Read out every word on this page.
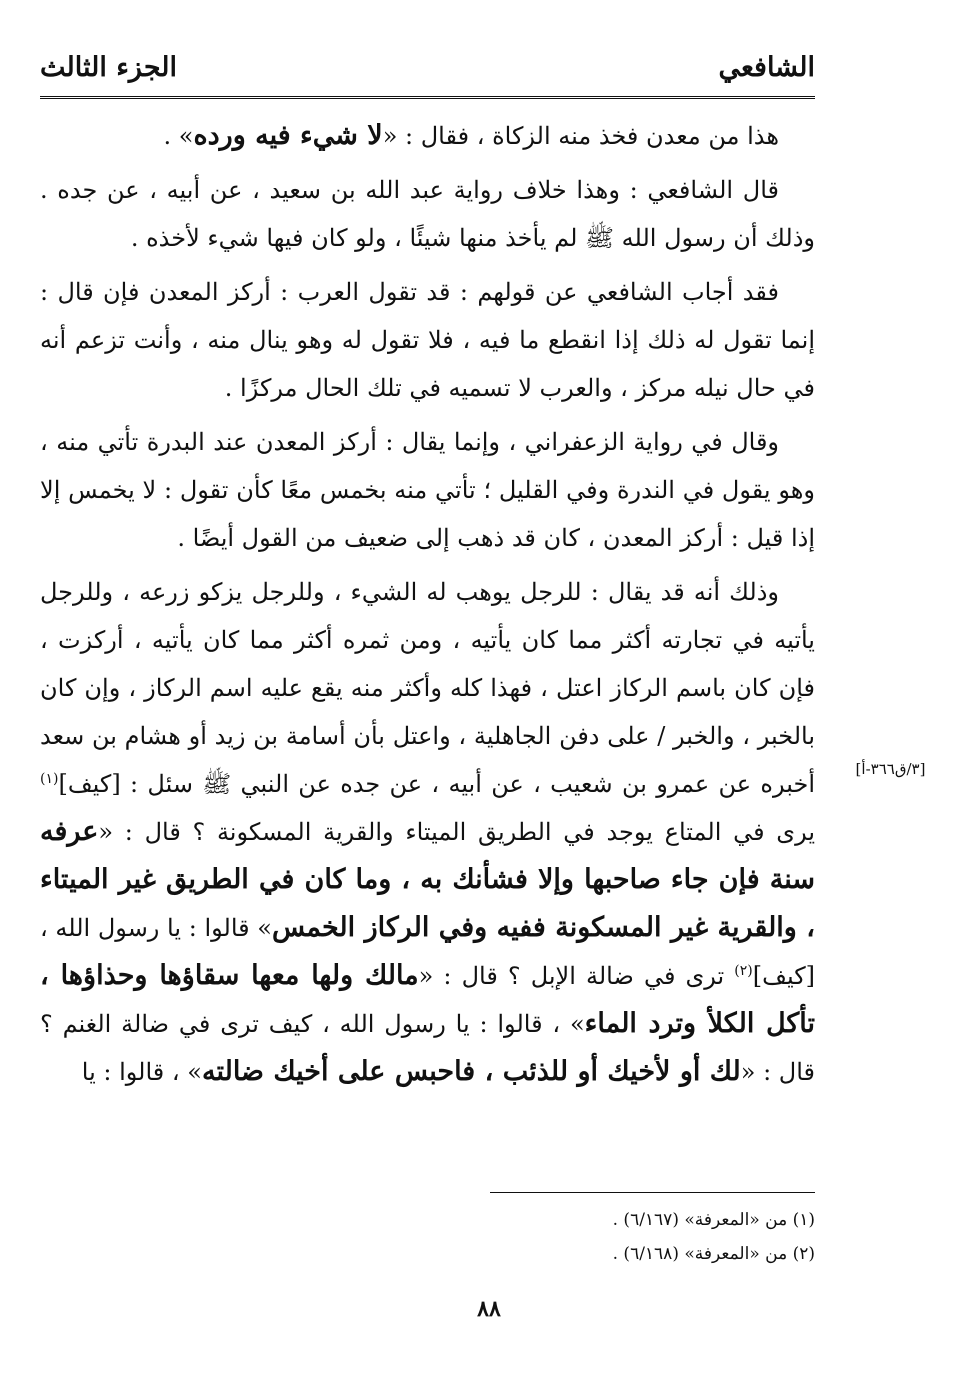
الشافعي
الجزء الثالث

هذا من معدن فخذ منه الزكاة ، فقال : «لا شيء فيه ورده» .

قال الشافعي : وهذا خلاف رواية عبد الله بن سعيد ، عن أبيه ، عن جده . وذلك أن رسول الله ﷺ لم يأخذ منها شيئًا ، ولو كان فيها شيء لأخذه .

فقد أجاب الشافعي عن قولهم : قد تقول العرب : أركز المعدن فإن قال : إنما تقول له ذلك إذا انقطع ما فيه ، فلا تقول له وهو ينال منه ، وأنت تزعم أنه في حال نيله مركز ، والعرب لا تسميه في تلك الحال مركزًا .

وقال في رواية الزعفراني ، وإنما يقال : أركز المعدن عند البدرة تأتي منه ، وهو يقول في الندرة وفي القليل ؛ تأتي منه بخمس معًا كأن تقول : لا يخمس إلا إذا قيل : أركز المعدن ، كان قد ذهب إلى ضعيف من القول أيضًا .

وذلك أنه قد يقال : للرجل يوهب له الشيء ، وللرجل يزكو زرعه ، وللرجل يأتيه في تجارته أكثر مما كان يأتيه ، ومن ثمره أكثر مما كان يأتيه ، أركزت ، فإن كان باسم الركاز اعتل ، فهذا كله وأكثر منه يقع عليه اسم الركاز ، وإن كان بالخبر ، والخبر / على دفن الجاهلية ، واعتل بأن أسامة بن زيد أو هشام بن سعد أخبره عن عمرو بن شعيب ، عن أبيه ، عن جده عن النبي ﷺ سئل : [كيف]$^{(١)}$ يرى في المتاع يوجد في الطريق الميتاء والقرية المسكونة ؟ قال : «عرفه سنة فإن جاء صاحبها وإلا فشأنك به ، وما كان في الطريق غير الميتاء ، والقرية غير المسكونة ففيه وفي الركاز الخمس» قالوا : يا رسول الله ، [كيف]$^{(٢)}$ ترى في ضالة الإبل ؟ قال : «مالك ولها معها سقاؤها وحذاؤها ، تأكل الكلأ وترد الماء» ، قالوا : يا رسول الله ، كيف ترى في ضالة الغنم ؟ قال : «لك أو لأخيك أو للذئب ، فاحبس على أخيك ضالته» ، قالوا : يا

[٣/ق٣٦٦-أ]
(١) من «المعرفة» (٦/١٦٧) .
(٢) من «المعرفة» (٦/١٦٨) .
٨٨
